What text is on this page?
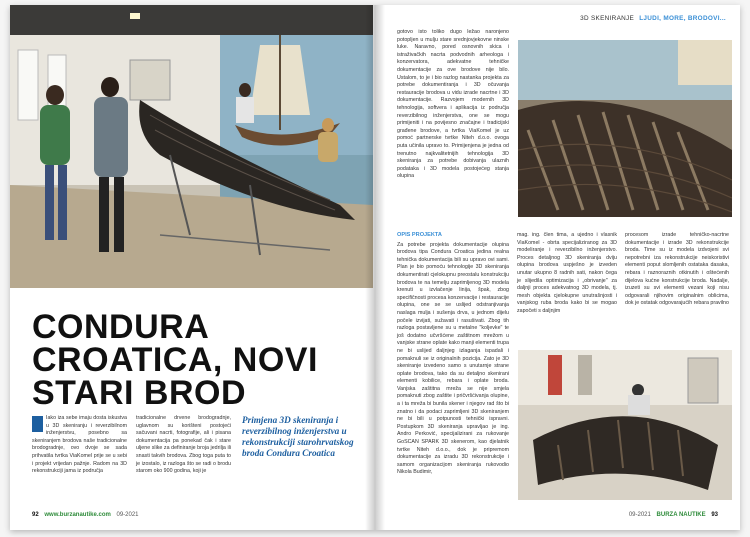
CONDURA
CROATICA, NOVI
STARI BROD
Iako iza sebe imaju dosta iskustva u 3D skeniranju i reverzibilnom inženjerstvu, posebno sa skeniranjem brodova naše tradicionalne brodogradnje, ovo dvoje se sada prihvatila tvrtka ViaKomel prije se u sebi i projekt vrijedan pažnje. Radom na 3D rekonstrukciji jama iz područja
tradicionalne drvene brodogradnje, uglavnom su korišteni postojeći sačuvani nacrti, fotografije, ali i pisana dokumentacija pa ponekad čak i stare uljene slike za definiranje broja jedrilja ili snasti takvih brodova. Zbog toga puta to je izostalo, iz razloga što se radi o brodu starom oko 900 godina, koji je

Primjena 3D skeniranja i reverzibilnog inženjerstva u rekonstrukciji starohrvatskog broda Condura Croatica

92 www.burzanautike.com 09-2021
3D SKENIRANJE LJUDI, MORE, BRODOVI...
gotovo isto toliko dugo ležao naronjeno potopljen u mulju stare srednjovjekovne ninske luke. Naravno, pored osnovnih skica i istraživačkih nacrta podvodnih arheologa i konzervatora, adekvatne tehničke dokumentacije za ove brodove nije bilo. Ustalom, to je i bio razlog nastanka projekta za potrebe dokumentiranja i 3D očuvanja restauracije brodova u vidu izrade nacrtne i 3D dokumentacije. Razvojem modernih 3D tehnologija, softvera i aplikacija iz područja reverzibilnog inženjerstva, one se mogu primijeniti i na povijesno značajne i tradicijski građene brodove, a tvrtka ViaKomel je uz pomoć partnerske tvrtke Niteh d.o.o. ovoga puta učinila upravo to. Primijenjena je jedna od trenutno najkvalitetnijih tehnologija 3D skeniranja za potrebe dobivanja ulaznih podataka i 3D modela postojećeg stanja olupina
OPIS PROJEKTA
Za potrebe projekta dokumentacije olupina brodova tipa Condura Croatica jedina realna tehnička dokumentacija bili su upravo ovi sami. Plan je bio pomoću tehnologije 3D skeniranja dokumentirati cjelokupnu preostalu konstrukciju brodova te na temelju zaprimljenog 3D modela krenuti u izvlačenje linija, špak, zbog specifičnosti procesa konzervacije i restauracije olupina, one se se uslijed odstranjivanja naslaga mulja i sušenja drva, u jednom dijelu počele izvijati, sužavati i rasušivati. Zbog tih razloga postavljene su u metalne "koljevke" te još dodatno učvršćene zaštitnom mrežom u vanjske strane oplate kako manji elementi trupa ne bi uslijed daljnjeg izlaganja ispadali i pomaknuli se iz originalnih pozicija. Zato je 3D skeniranje izvedeno samo s unutarnje strane oplate brodova, tako da su detaljno skenirani elementi kobilice, rebara i oplate broda. Vanjska zaštitna mreža se nije smjela pomaknuti zbog zaštite i pričvršćivanja olupine, a i ta mreža bi bunila skener i njegov rad što bi znatno i da podaci zaprimljeni 3D skeniranjem ne bi bili u potpunosti tehnički ispravni. Postupkom 3D skeniranja upravljao je ing. Andro Perković, specijalizirani za rukovanje GoSCAN SPARK 3D skenerom, kao djelatnik tvrtke Niteh d.o.o., dok je pripremom dokumentacije za izradu 3D rekonstrukcije i samom organizacijom skeniranja rukovodio Nikola Budimir,
mag. ing. člen tima, a ujedno i vlasnik ViaKomel - obrta specijaliziranog za 3D modeliranje i reverzibilno inženjerstvo. Proces detaljnog 3D skeniranja dviju olupina brodova uspješno je izveden unutar ukupno 8 radnih sati, nakon čega je slijedila optimizacija i „obrivanje" za daljnji proces adekvatnog 3D modela, tj. mesh objekta cjelokupne unutrašnjosti i vanjskog ruba broda kako bi se mogao započeti s daljnjim
procesom izrade tehničko-nacrtne dokumentacije i izrade 3D rekonstrukcije broda. Time su iz modela izdvojeni svi nepotrebni iza rekonstrukcije neiskoristivi elementi poput slomljenih ostataka dasaka, rebara i raznoraznih otkinutih i oštećenih dijelova kućne konstrukcije broda. Nadalje, izuzeti su svi elementi vezani koji nisu odgovarali njihovim originalnim oblicima, dok je ostatak odgovarajućih rebara pravilno
09-2021 BURZA NAUTIKE 93
